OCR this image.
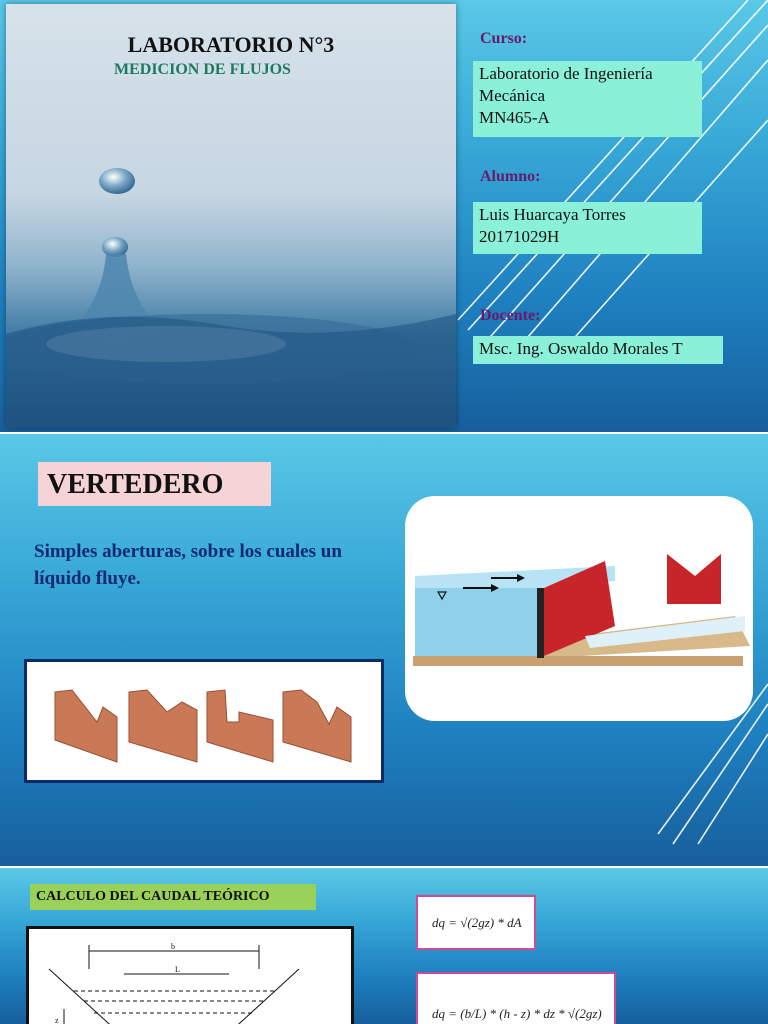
LABORATORIO N°3
MEDICION DE FLUJOS
Curso:
Laboratorio de Ingeniería
Mecánica
MN465-A
Alumno:
Luis Huarcaya Torres
20171029H
Docente:
Msc. Ing. Oswaldo Morales T
VERTEDERO
Simples aberturas, sobre los cuales un líquido fluye.
CALCULO DEL CAUDAL TEÓRICO
b
L
z
dq = √(2gz) * dA
dq = (b/L) * (h - z) * dz * √(2gz)
